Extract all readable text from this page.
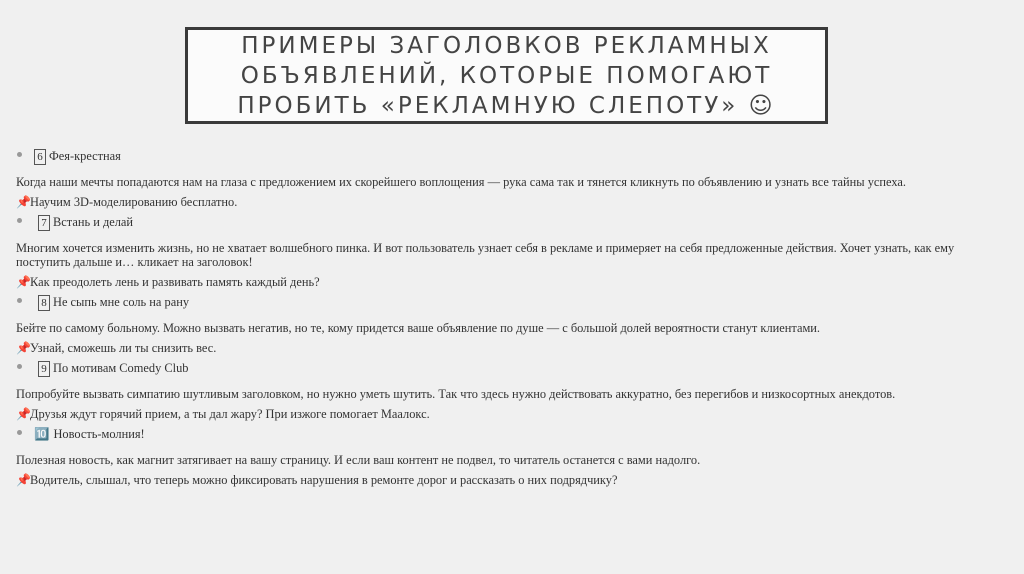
ПРИМЕРЫ ЗАГОЛОВКОВ РЕКЛАМНЫХ
ОБЪЯВЛЕНИЙ, КОТОРЫЕ ПОМОГАЮТ
ПРОБИТЬ «РЕКЛАМНУЮ СЛЕПОТУ» ☺
6 Фея-крестная
Когда наши мечты попадаются нам на глаза с предложением их скорейшего воплощения — рука сама так и тянется кликнуть по объявлению и узнать все тайны успеха.
📌Научим 3D-моделированию бесплатно.
7 Встань и делай
Многим хочется изменить жизнь, но не хватает волшебного пинка. И вот пользователь узнает себя в рекламе и примеряет на себя предложенные действия. Хочет узнать, как ему поступить дальше и… кликает на заголовок!
📌Как преодолеть лень и развивать память каждый день?
8 Не сыпь мне соль на рану
Бейте по самому больному. Можно вызвать негатив, но те, кому придется ваше объявление по душе — с большой долей вероятности станут клиентами.
📌Узнай, сможешь ли ты снизить вес.
9 По мотивам Comedy Club
Попробуйте вызвать симпатию шутливым заголовком, но нужно уметь шутить. Так что здесь нужно действовать аккуратно, без перегибов и низкосортных анекдотов.
📌Друзья ждут горячий прием, а ты дал жару? При изжоге помогает Маалокс.
🔟 Новость-молния!
Полезная новость, как магнит затягивает на вашу страницу. И если ваш контент не подвел, то читатель останется с вами надолго.
📌Водитель, слышал, что теперь можно фиксировать нарушения в ремонте дорог и рассказать о них подрядчику?
